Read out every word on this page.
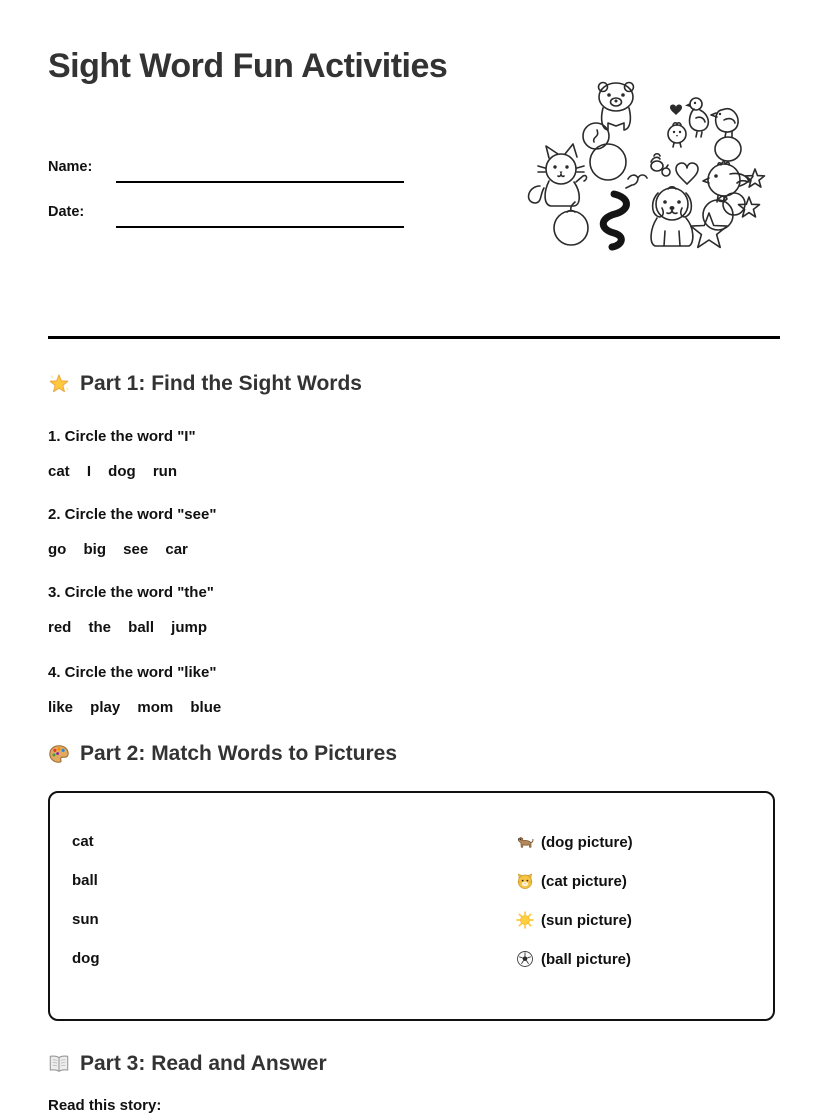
Sight Word Fun Activities
Name:
Date:
Part 1: Find the Sight Words
1. Circle the word "I"
cat I dog run
2. Circle the word "see"
go big see car
3. Circle the word "the"
red the ball jump
4. Circle the word "like"
like play mom blue
Part 2: Match Words to Pictures
cat	(dog picture)
ball	(cat picture)
sun	(sun picture)
dog	(ball picture)
Part 3: Read and Answer
Read this story:
